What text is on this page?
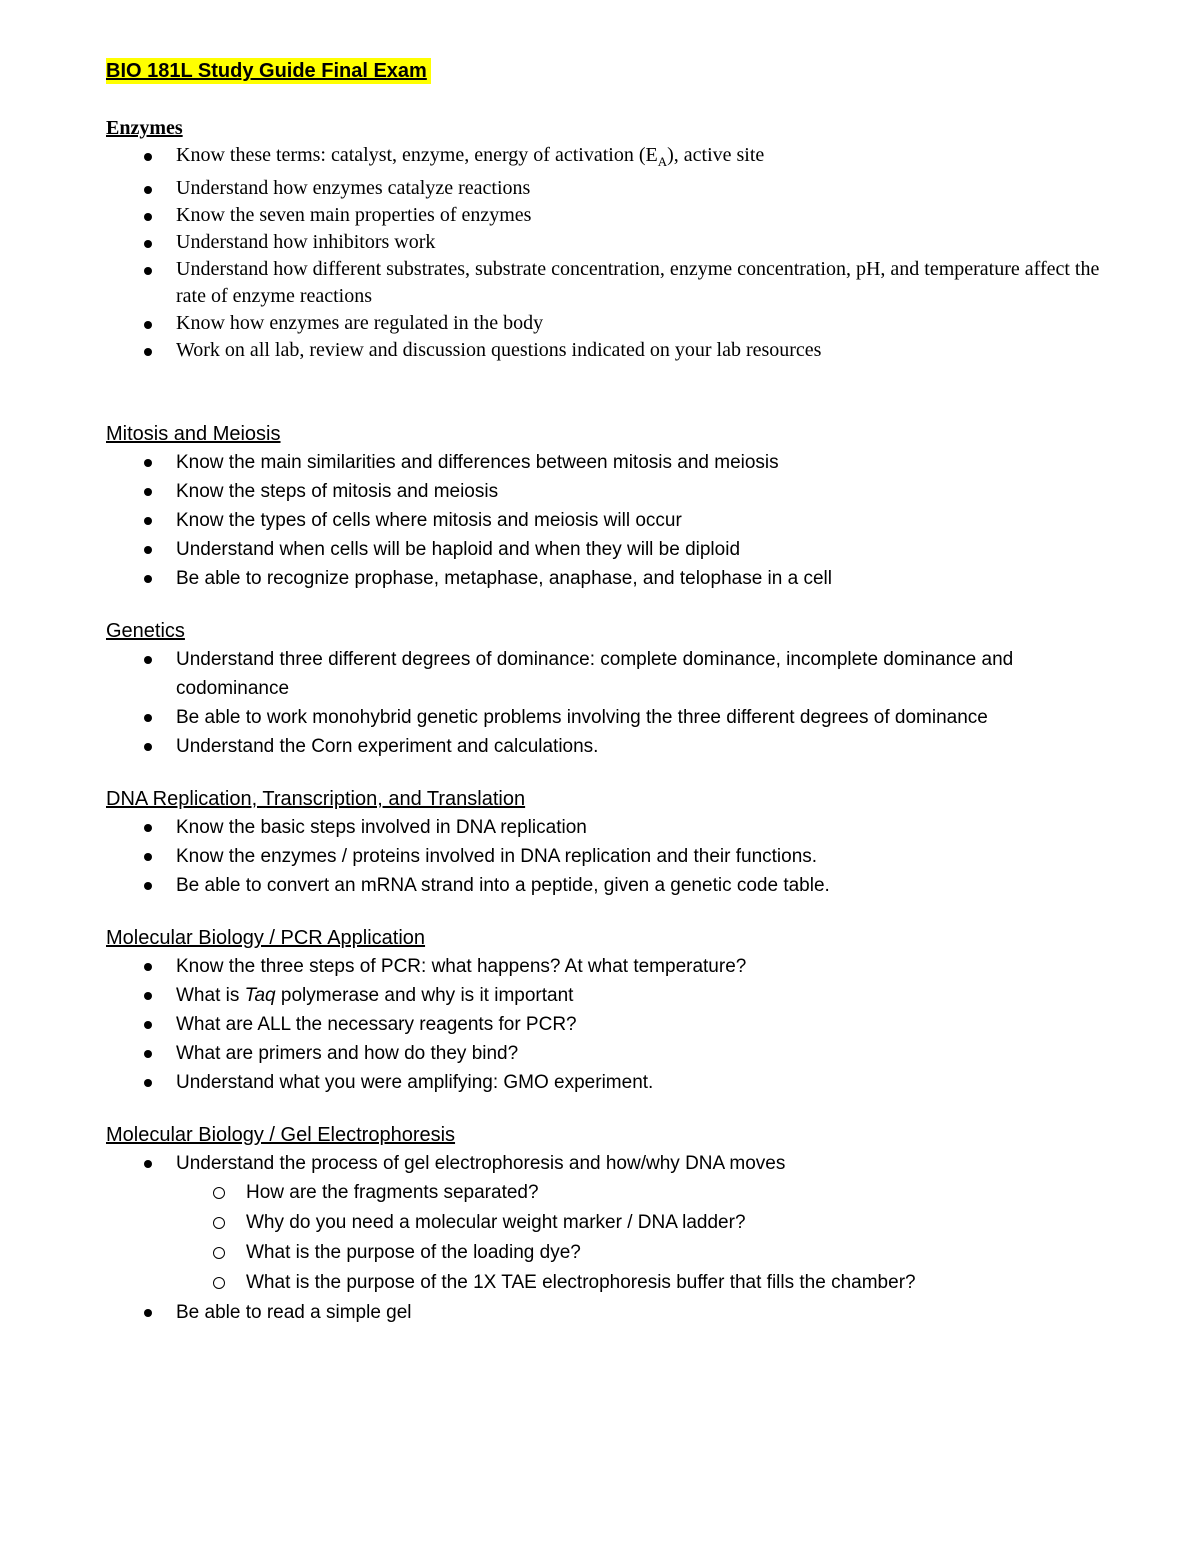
BIO 181L Study Guide Final Exam
Enzymes
Know these terms: catalyst, enzyme, energy of activation $(E_A)$, active site
Understand how enzymes catalyze reactions
Know the seven main properties of enzymes
Understand how inhibitors work
Understand how different substrates, substrate concentration, enzyme concentration, pH, and temperature affect the rate of enzyme reactions
Know how enzymes are regulated in the body
Work on all lab, review and discussion questions indicated on your lab resources
Mitosis and Meiosis
Know the main similarities and differences between mitosis and meiosis
Know the steps of mitosis and meiosis
Know the types of cells where mitosis and meiosis will occur
Understand when cells will be haploid and when they will be diploid
Be able to recognize prophase, metaphase, anaphase, and telophase in a cell
Genetics
Understand three different degrees of dominance: complete dominance, incomplete dominance and codominance
Be able to work monohybrid genetic problems involving the three different degrees of dominance
Understand the Corn experiment and calculations.
DNA Replication, Transcription, and Translation
Know the basic steps involved in DNA replication
Know the enzymes / proteins involved in DNA replication and their functions.
Be able to convert an mRNA strand into a peptide, given a genetic code table.
Molecular Biology / PCR Application
Know the three steps of PCR: what happens? At what temperature?
What is Taq polymerase and why is it important
What are ALL the necessary reagents for PCR?
What are primers and how do they bind?
Understand what you were amplifying: GMO experiment.
Molecular Biology / Gel Electrophoresis
Understand the process of gel electrophoresis and how/why DNA moves
How are the fragments separated?
Why do you need a molecular weight marker / DNA ladder?
What is the purpose of the loading dye?
What is the purpose of the 1X TAE electrophoresis buffer that fills the chamber?
Be able to read a simple gel
